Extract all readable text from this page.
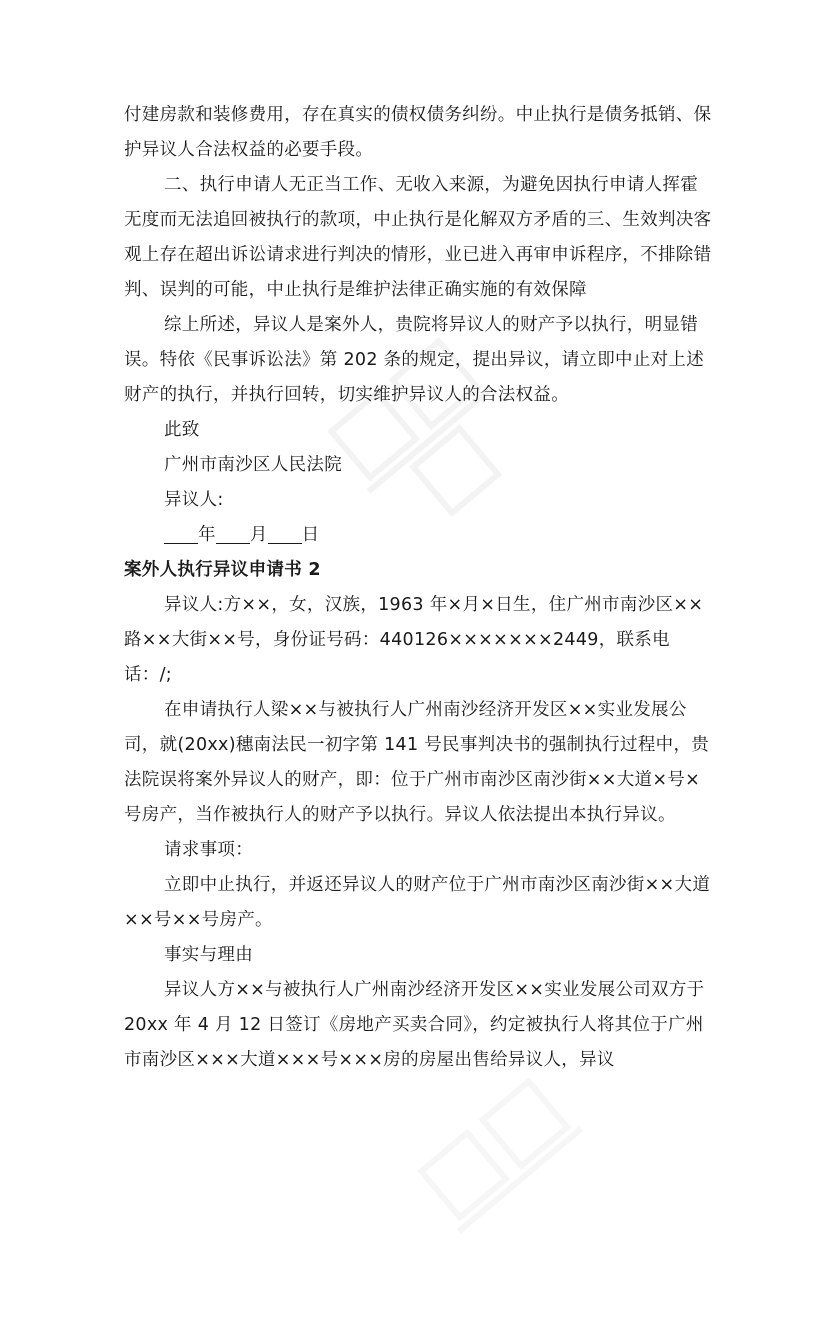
付建房款和装修费用，存在真实的债权债务纠纷。中止执行是债务抵销、保护异议人合法权益的必要手段。

二、执行申请人无正当工作、无收入来源，为避免因执行申请人挥霍无度而无法追回被执行的款项，中止执行是化解双方矛盾的三、生效判决客观上存在超出诉讼请求进行判决的情形，业已进入再审申诉程序，不排除错判、误判的可能，中止执行是维护法律正确实施的有效保障

综上所述，异议人是案外人，贵院将异议人的财产予以执行，明显错误。特依《民事诉讼法》第 202 条的规定，提出异议，请立即中止对上述财产的执行，并执行回转，切实维护异议人的合法权益。

此致

广州市南沙区人民法院

异议人:

年 月 日

案外人执行异议申请书 2

异议人:方××，女，汉族，1963 年×月×日生，住广州市南沙区××路××大街××号，身份证号码：440126×××××××2449，联系电话：/;

在申请执行人梁××与被执行人广州南沙经济开发区××实业发展公司，就(20xx)穗南法民一初字第 141 号民事判决书的强制执行过程中，贵法院误将案外异议人的财产，即：位于广州市南沙区南沙街××大道×号×号房产，当作被执行人的财产予以执行。异议人依法提出本执行异议。

请求事项：

立即中止执行，并返还异议人的财产位于广州市南沙区南沙街××大道××号××号房产。

事实与理由

异议人方××与被执行人广州南沙经济开发区××实业发展公司双方于 20xx 年 4 月 12 日签订《房地产买卖合同》，约定被执行人将其位于广州市南沙区×××大道×××号×××房的房屋出售给异议人，异议
